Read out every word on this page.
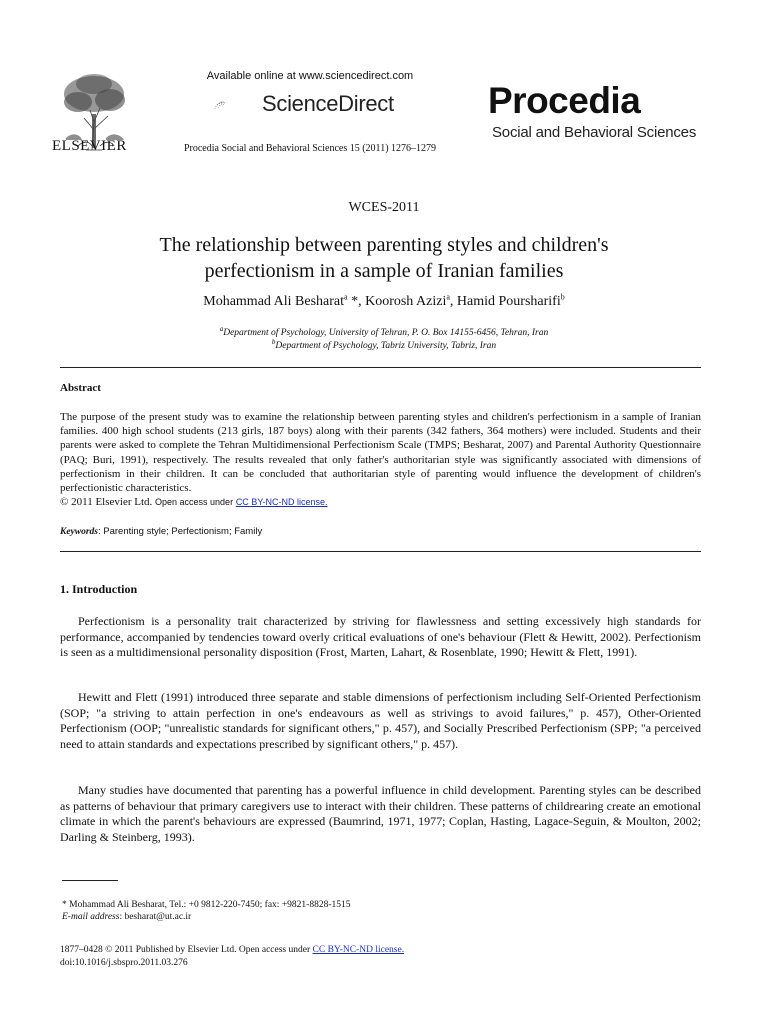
ELSEVIER
Available online at www.sciencedirect.com
ScienceDirect
Procedia Social and Behavioral Sciences 15 (2011) 1276–1279
Procedia
Social and Behavioral Sciences
WCES-2011
The relationship between parenting styles and children's
perfectionism in a sample of Iranian families
Mohammad Ali Besharat$^a$ *, Koorosh Azizi$^a$, Hamid Poursharifi$^b$
$^a$Department of Psychology, University of Tehran, P. O. Box 14155-6456, Tehran, Iran
$^b$Department of Psychology, Tabriz University, Tabriz, Iran
Abstract
The purpose of the present study was to examine the relationship between parenting styles and children's perfectionism in a sample of Iranian families. 400 high school students (213 girls, 187 boys) along with their parents (342 fathers, 364 mothers) were included. Students and their parents were asked to complete the Tehran Multidimensional Perfectionism Scale (TMPS; Besharat, 2007) and Parental Authority Questionnaire (PAQ; Buri, 1991), respectively. The results revealed that only father's authoritarian style was significantly associated with dimensions of perfectionism in their children. It can be concluded that authoritarian style of parenting would influence the development of children's perfectionistic characteristics.
© 2011 Elsevier Ltd. Open access under CC BY-NC-ND license.
Keywords: Parenting style; Perfectionism; Family
1. Introduction
Perfectionism is a personality trait characterized by striving for flawlessness and setting excessively high standards for performance, accompanied by tendencies toward overly critical evaluations of one's behaviour (Flett & Hewitt, 2002). Perfectionism is seen as a multidimensional personality disposition (Frost, Marten, Lahart, & Rosenblate, 1990; Hewitt & Flett, 1991).
Hewitt and Flett (1991) introduced three separate and stable dimensions of perfectionism including Self-Oriented Perfectionism (SOP; "a striving to attain perfection in one's endeavours as well as strivings to avoid failures," p. 457), Other-Oriented Perfectionism (OOP; "unrealistic standards for significant others," p. 457), and Socially Prescribed Perfectionism (SPP; "a perceived need to attain standards and expectations prescribed by significant others," p. 457).
Many studies have documented that parenting has a powerful influence in child development. Parenting styles can be described as patterns of behaviour that primary caregivers use to interact with their children. These patterns of childrearing create an emotional climate in which the parent's behaviours are expressed (Baumrind, 1971, 1977; Coplan, Hasting, Lagace-Seguin, & Moulton, 2002; Darling & Steinberg, 1993).
* Mohammad Ali Besharat, Tel.: +0 9812-220-7450; fax: +9821-8828-1515
E-mail address: besharat@ut.ac.ir
1877–0428 © 2011 Published by Elsevier Ltd. Open access under CC BY-NC-ND license.
doi:10.1016/j.sbspro.2011.03.276
